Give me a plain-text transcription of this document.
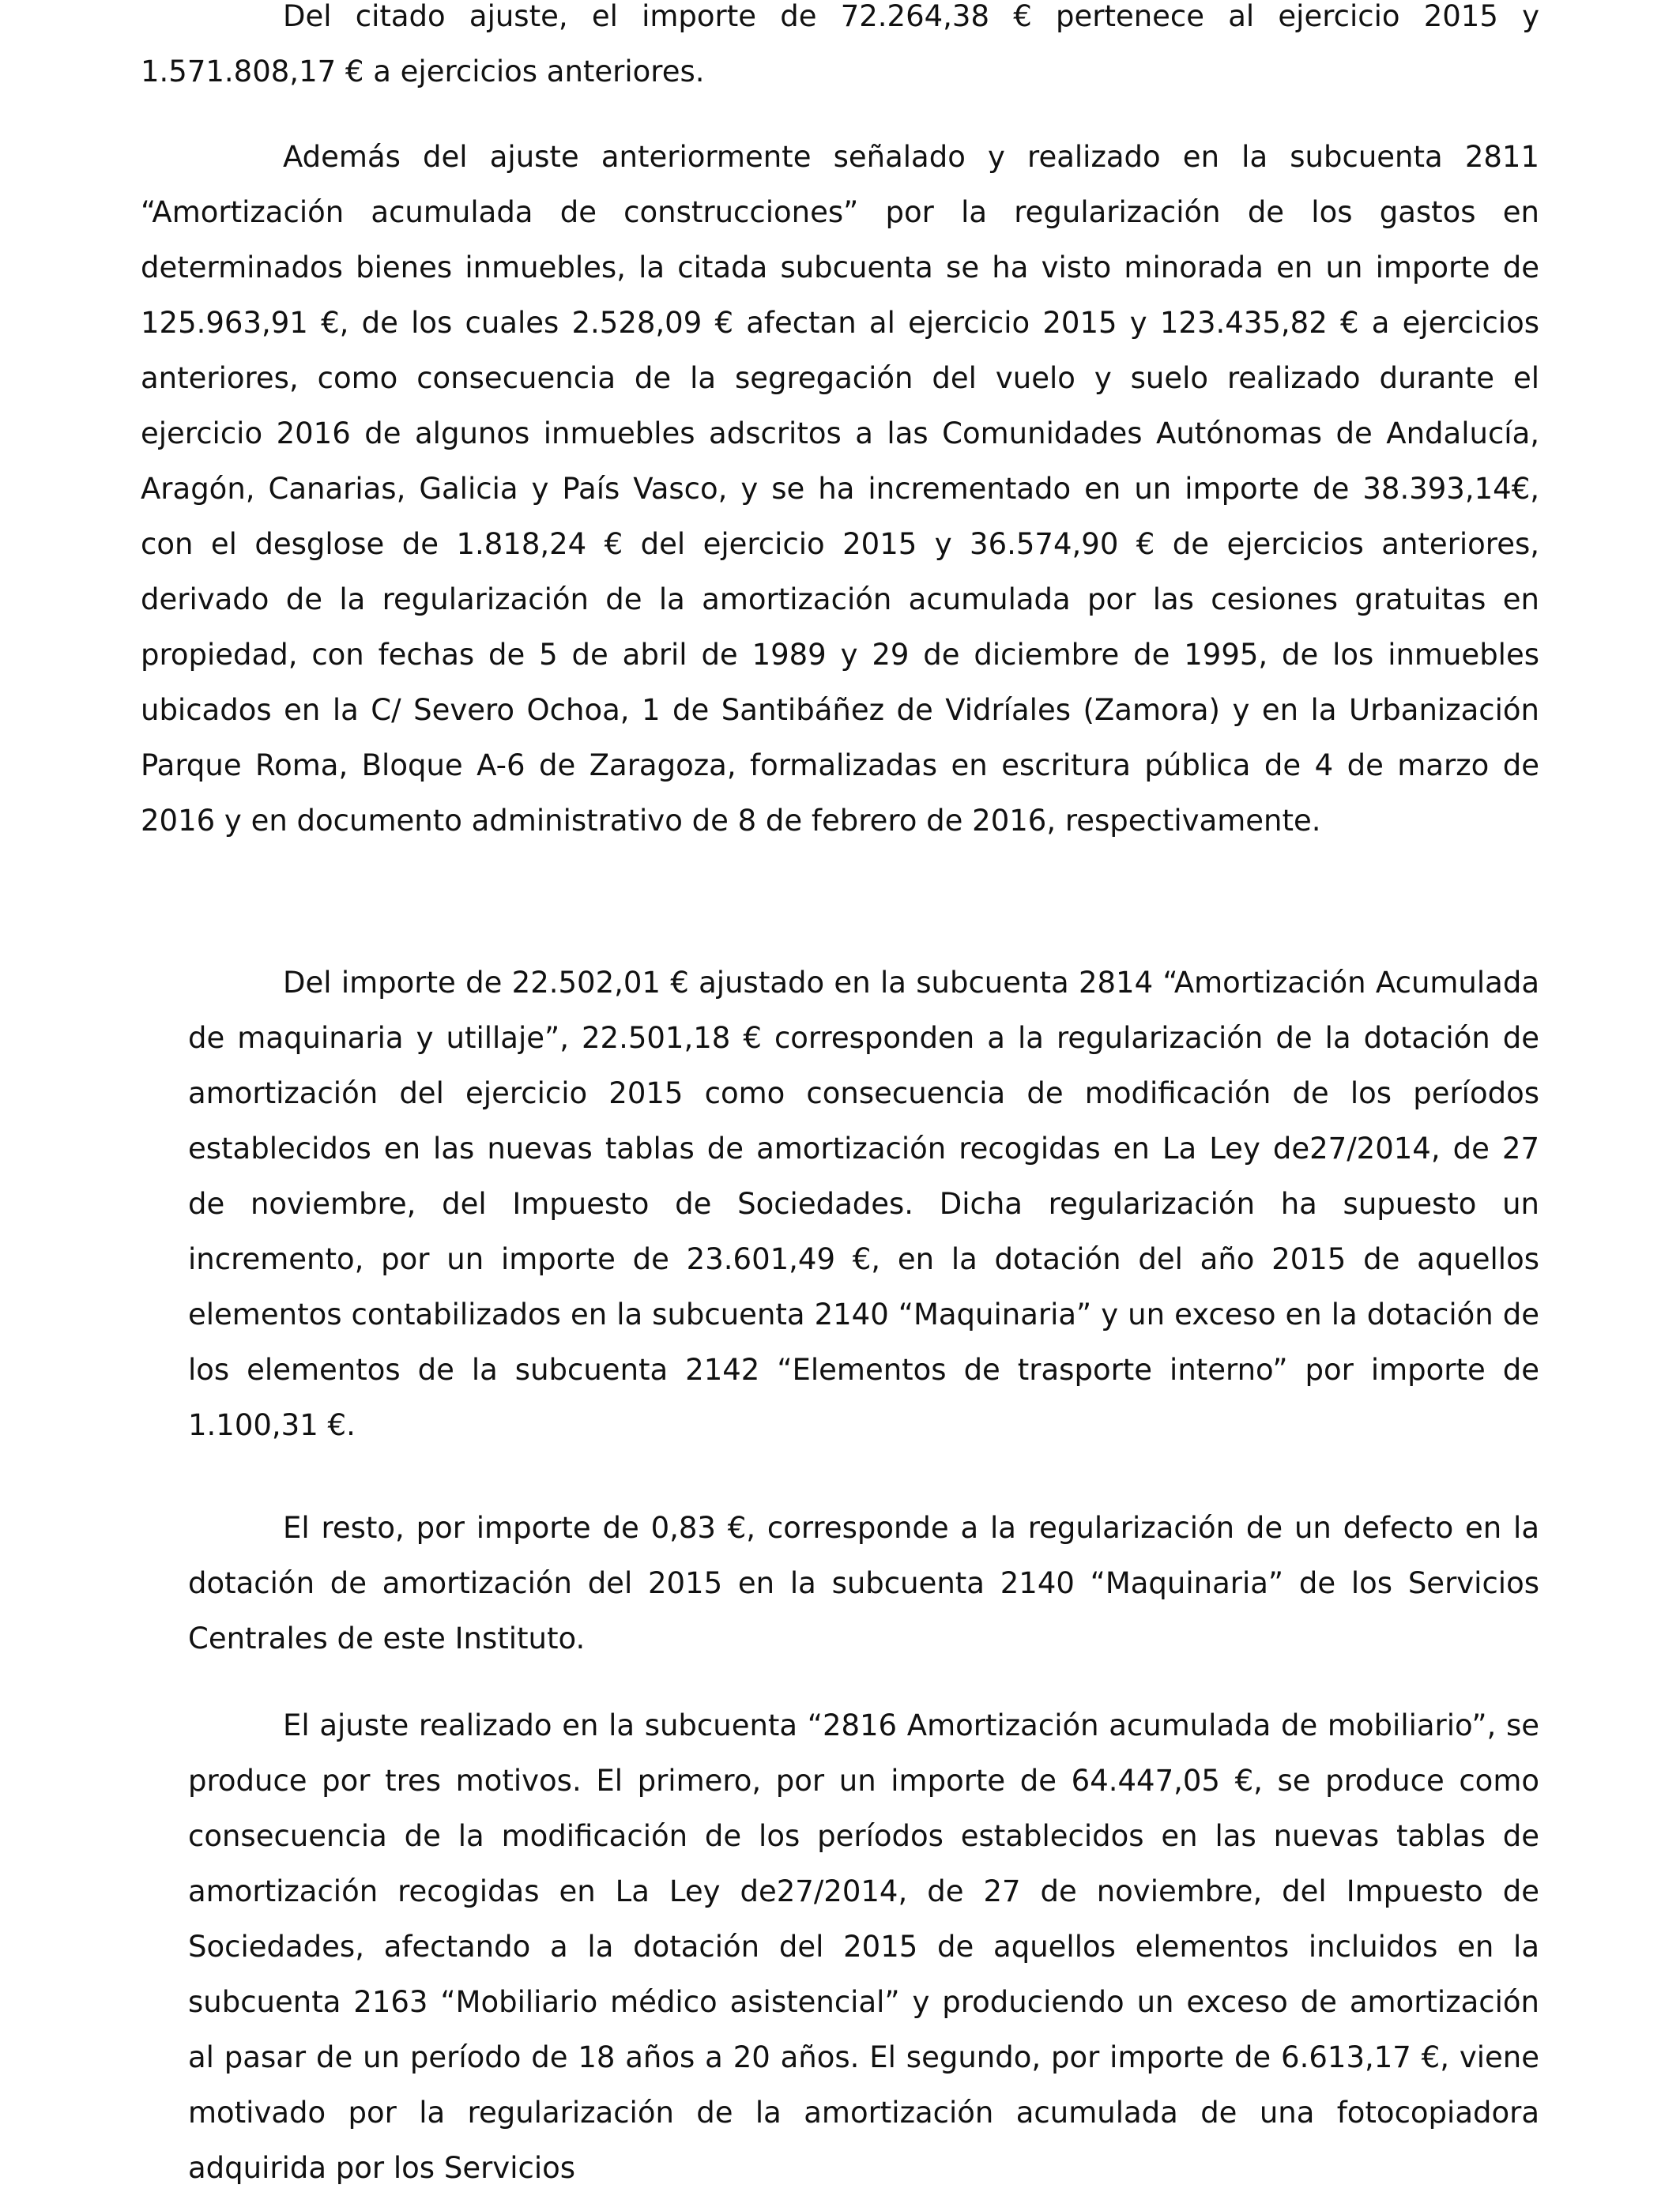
Del citado ajuste, el importe de 72.264,38 € pertenece al ejercicio 2015 y 1.571.808,17 € a ejercicios anteriores.

Además del ajuste anteriormente señalado y realizado en la subcuenta 2811 “Amortización acumulada de construcciones” por la regularización de los gastos en determinados bienes inmuebles, la citada subcuenta se ha visto minorada en un importe de 125.963,91 €, de los cuales 2.528,09 € afectan al ejercicio 2015 y 123.435,82 € a ejercicios anteriores, como consecuencia de la segregación del vuelo y suelo realizado durante el ejercicio 2016 de algunos inmuebles adscritos a las Comunidades Autónomas de Andalucía, Aragón, Canarias, Galicia y País Vasco, y se ha incrementado en un importe de 38.393,14€, con el desglose de 1.818,24 € del ejercicio 2015 y 36.574,90 € de ejercicios anteriores, derivado de la regularización de la amortización acumulada por las cesiones gratuitas en propiedad, con fechas de 5 de abril de 1989 y 29 de diciembre de 1995, de los inmuebles ubicados en la C/ Severo Ochoa, 1 de Santibáñez de Vidríales (Zamora) y en la Urbanización Parque Roma, Bloque A-6 de Zaragoza, formalizadas en escritura pública de 4 de marzo de 2016 y en documento administrativo de 8 de febrero de 2016, respectivamente.

Del importe de 22.502,01 € ajustado en la subcuenta 2814 “Amortización Acumulada de maquinaria y utillaje”, 22.501,18 € corresponden a la regularización de la dotación de amortización del ejercicio 2015 como consecuencia de modificación de los períodos establecidos en las nuevas tablas de amortización recogidas en La Ley de27/2014, de 27 de noviembre, del Impuesto de Sociedades. Dicha regularización ha supuesto un incremento, por un importe de 23.601,49 €, en la dotación del año 2015 de aquellos elementos contabilizados en la subcuenta 2140 “Maquinaria” y un exceso en la dotación de los elementos de la subcuenta 2142 “Elementos de trasporte interno” por importe de 1.100,31 €.

El resto, por importe de 0,83 €, corresponde a la regularización de un defecto en la dotación de amortización del 2015 en la subcuenta 2140 “Maquinaria” de los Servicios Centrales de este Instituto.

El ajuste realizado en la subcuenta “2816 Amortización acumulada de mobiliario”, se produce por tres motivos. El primero, por un importe de 64.447,05 €, se produce como consecuencia de la modificación de los períodos establecidos en las nuevas tablas de amortización recogidas en La Ley de27/2014, de 27 de noviembre, del Impuesto de Sociedades, afectando a la dotación del 2015 de aquellos elementos incluidos en la subcuenta 2163 “Mobiliario médico asistencial” y produciendo un exceso de amortización al pasar de un período de 18 años a 20 años. El segundo, por importe de 6.613,17 €, viene motivado por la regularización de la amortización acumulada de una fotocopiadora adquirida por los Servicios
